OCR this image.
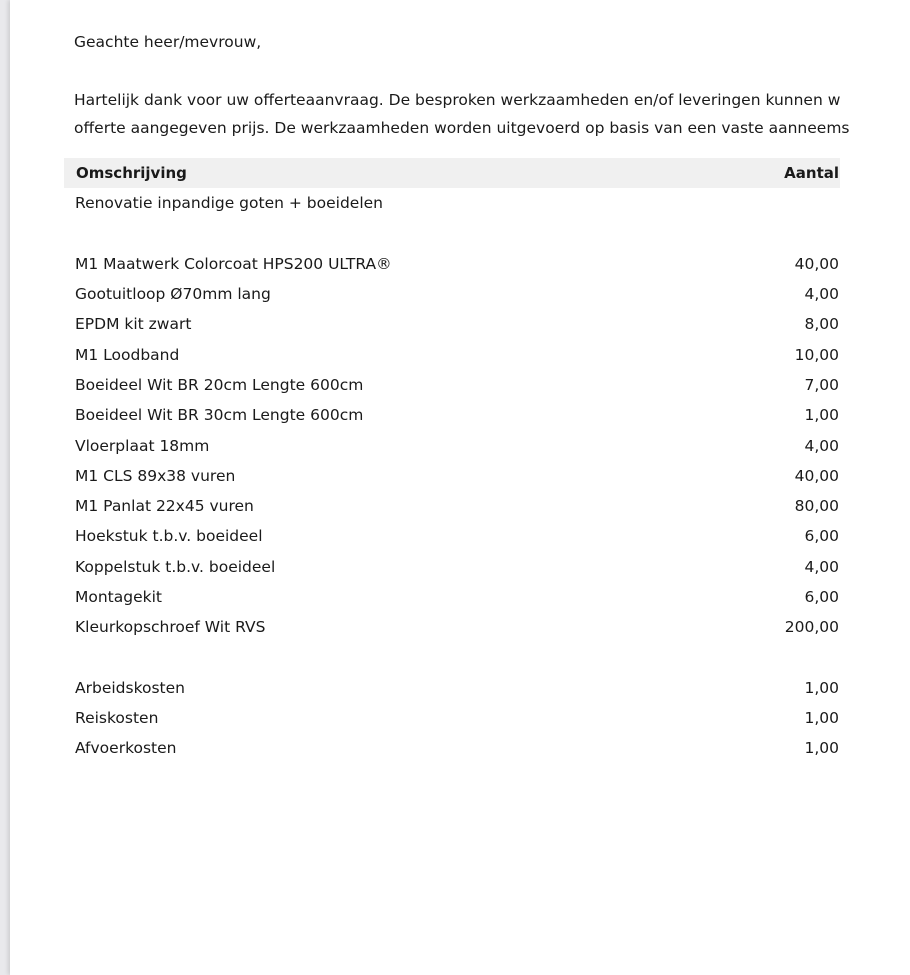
Geachte heer/mevrouw,
Hartelijk dank voor uw offerteaanvraag. De besproken werkzaamheden en/of leveringen kunnen w
offerte aangegeven prijs. De werkzaamheden worden uitgevoerd op basis van een vaste aannee​ms
Omschrijving	Aantal
Renovatie inpandige goten + boeidelen
M1 Maatwerk Colorcoat HPS200 ULTRA®	40,00
Gootuitloop Ø70mm lang	4,00
EPDM kit zwart	8,00
M1 Loodband	10,00
Boeideel Wit BR 20cm Lengte 600cm	7,00
Boeideel Wit BR 30cm Lengte 600cm	1,00
Vloerplaat 18mm	4,00
M1 CLS 89x38 vuren	40,00
M1 Panlat 22x45 vuren	80,00
Hoekstuk t.b.v. boeideel	6,00
Koppelstuk t.b.v. boeideel	4,00
Montagekit	6,00
Kleurkopschroef Wit RVS	200,00
Arbeidskosten	1,00
Reiskosten	1,00
Afvoerkosten	1,00
